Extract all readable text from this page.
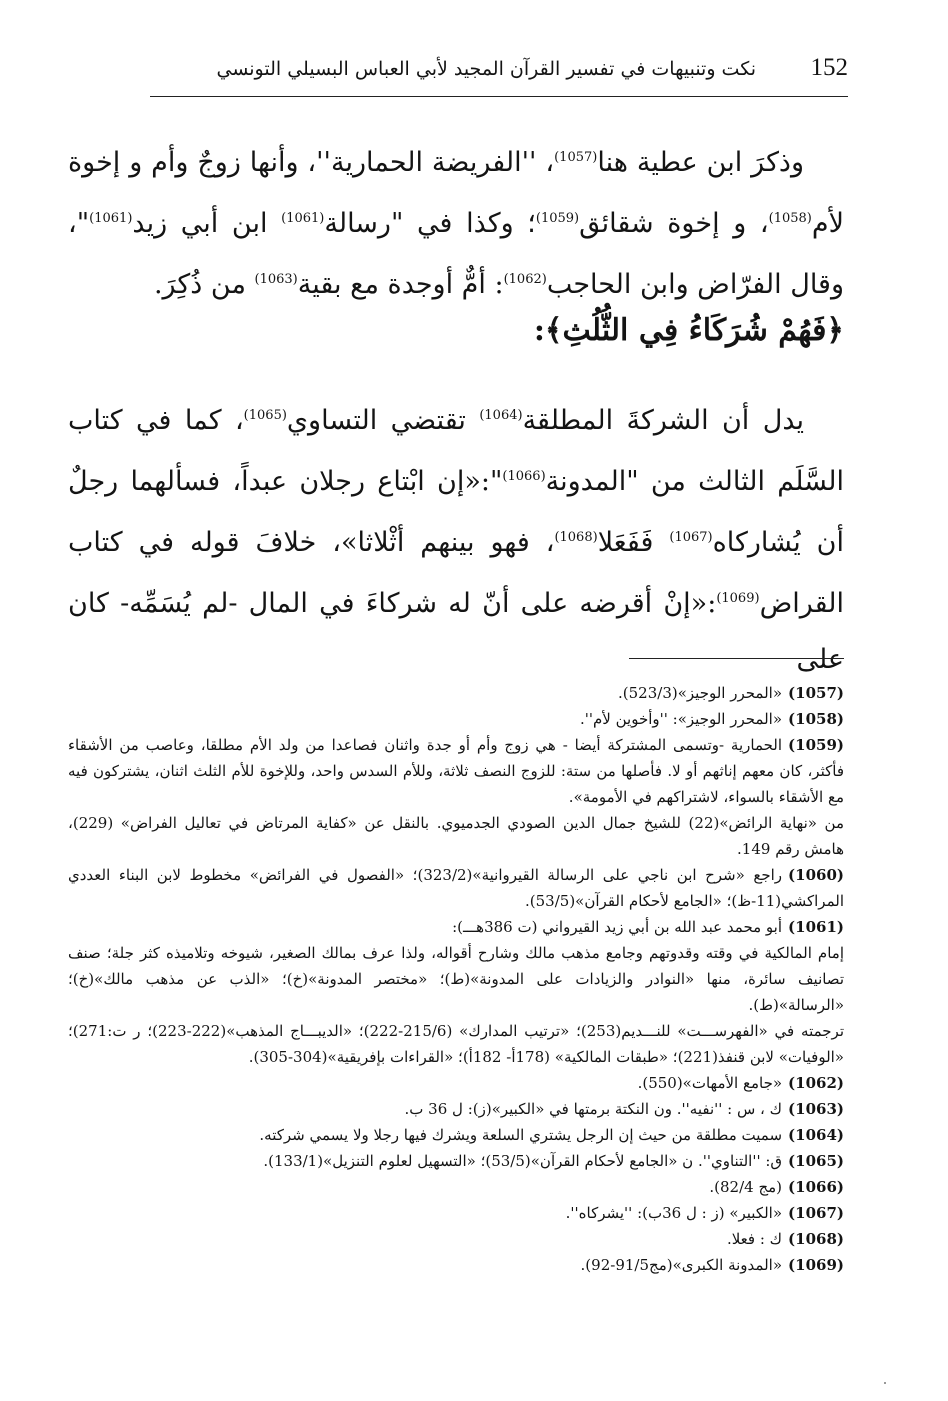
152
نكت وتنبيهات في تفسير القرآن المجيد لأبي العباس البسيلي التونسي

وذكرَ ابن عطية هنا$^{(1057)}$، ''الفريضة الحمارية''، وأنها زوجٌ وأم و إخوة لأم$^{(1058)}$، و إخوة شقائق$^{(1059)}$؛ وكذا في "رسالة$^{(1061)}$ ابن أبي زيد$^{(1061)}$"، وقال الفرّاض وابن الحاجب$^{(1062)}$: أمٌّ أوجدة مع بقية$^{(1063)}$ من ذُكِرَ.

﴿فَهُمْ شُرَكَاءُ فِي الثُّلُثِ﴾:

يدل أن الشركةَ المطلقة$^{(1064)}$ تقتضي التساوي$^{(1065)}$، كما في كتاب السَّلَم الثالث من "المدونة$^{(1066)}$":«إن ابْتاع رجلان عبداً، فسألهما رجلٌ أن يُشاركاه$^{(1067)}$ فَفَعَلا$^{(1068)}$، فهو بينهم أثْلاثا»، خلافَ قوله في كتاب القراض$^{(1069)}$:«إنْ أقرضه على أنّ له شركاءَ في المال -لم يُسَمِّه- كان على

(1057)«المحرر الوجيز»(523/3).

(1058)«المحرر الوجيز»: ''وأخوين لأم''.

(1059)الحمارية -وتسمى المشتركة أيضا - هي زوج وأم أو جدة واثنان فصاعدا من ولد الأم مطلقا، وعاصب من الأشقاء فأكثر، كان معهم إناثهم أو لا. فأصلها من ستة: للزوج النصف ثلاثة، وللأم السدس واحد، وللإخوة للأم الثلث اثنان، يشتركون فيه مع الأشقاء بالسواء، لاشتراكهم في الأمومة».

من «نهاية الرائض»(22) للشيخ جمال الدين الصودي الجدميوي. بالنقل عن «كفاية المرتاض في تعاليل الفراض» (229)، هامش رقم 149.

(1060)راجع «شرح ابن ناجي على الرسالة القيروانية»(323/2)؛ «الفصول في الفرائض» مخطوط لابن البناء العددي المراكشي(11-ظ)؛ «الجامع لأحكام القرآن»(53/5).

(1061)أبو محمد عبد الله بن أبي زيد القيرواني (ت 386هـــ):

إمام المالكية في وقته وقدوتهم وجامع مذهب مالك وشارح أقواله، ولذا عرف بمالك الصغير، شيوخه وتلاميذه كثر جلة؛ صنف تصانيف سائرة، منها «النوادر والزيادات على المدونة»(ط)؛ «مختصر المدونة»(خ)؛ «الذب عن مذهب مالك»(خ)؛ «الرسالة»(ط).

ترجمته في «الفهرســـت» للنـــديم(253)؛ «ترتيب المدارك» (215/6-222)؛ «الديبـــاج المذهب»(222-223)؛ ر ت:271)؛ «الوفيات» لابن قنفذ(221)؛ «طبقات المالكية» (178أ- 182أ)؛ «القراءات بإفريقية»(304-305).

(1062)«جامع الأمهات»(550).

(1063)ك ، س : ''نفيه''. ون النكتة برمتها في «الكبير»(ز): ل 36 ب.

(1064)سميت مطلقة من حيث إن الرجل يشتري السلعة ويشرك فيها رجلا ولا يسمي شركته.

(1065)ق: ''التناوي''. ن «الجامع لأحكام القرآن»(53/5)؛ «التسهيل لعلوم التنزيل»(133/1).

(1066)(مج 82/4).

(1067)«الكبير» (ز : ل 36ب): ''يشركاه''.

(1068)ك : فعلا.

(1069)«المدونة الكبرى»(مج91/5-92).
